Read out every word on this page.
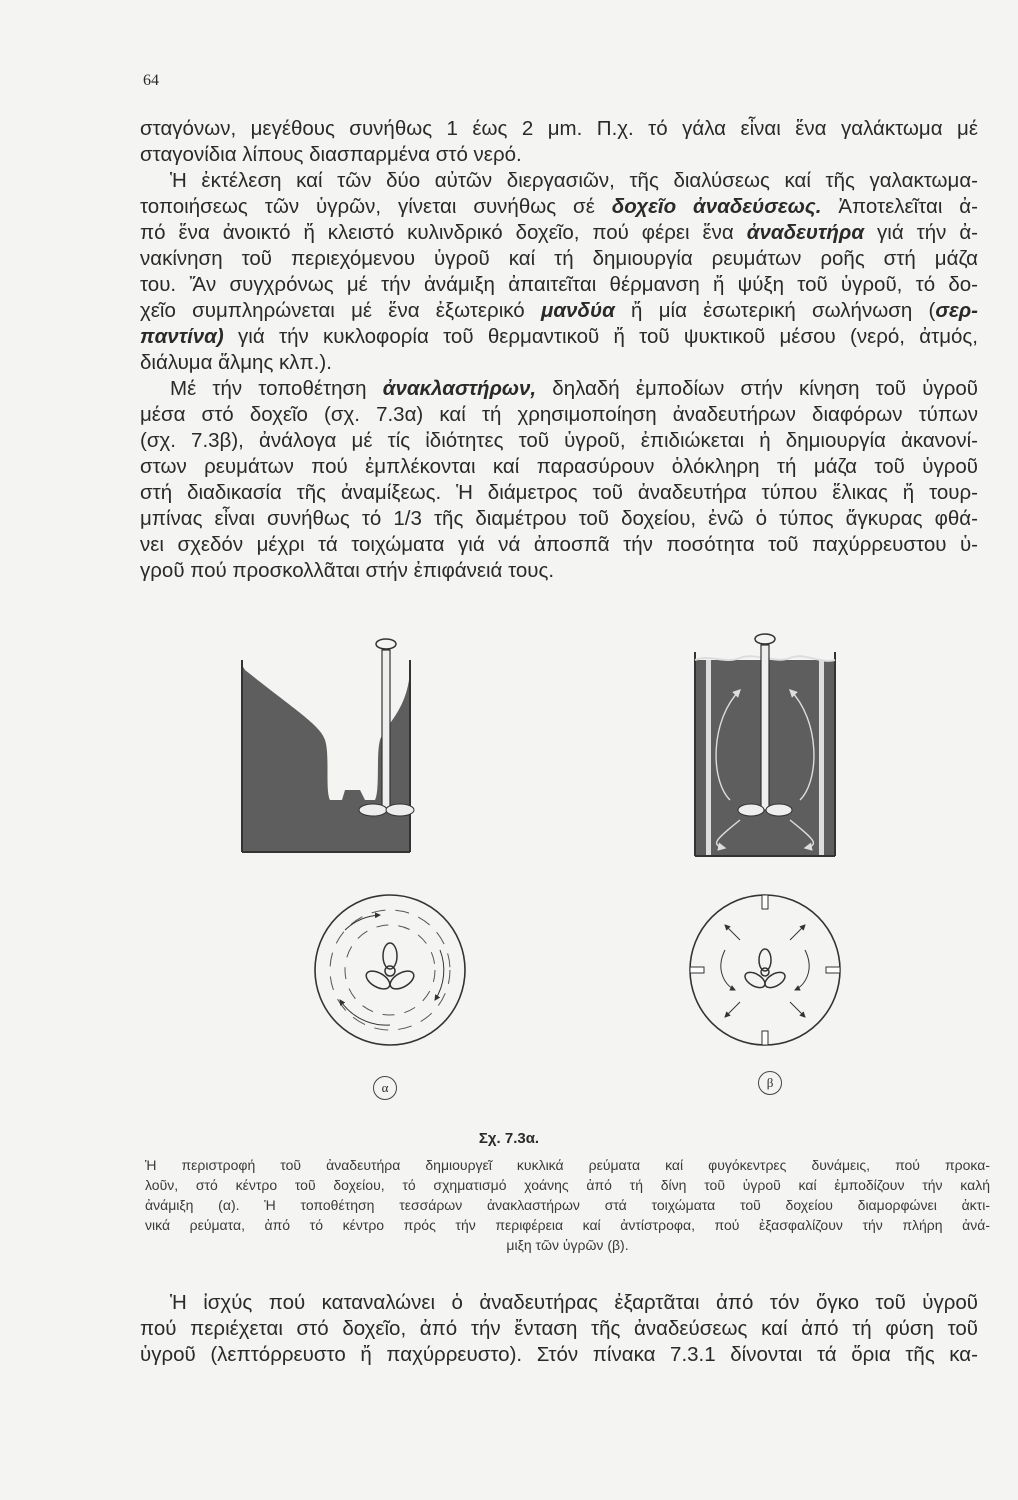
64

σταγόνων, μεγέθους συνήθως 1 έως 2 μm. Π.χ. τό γάλα εἶναι ἕνα γαλάκτωμα μέ

σταγονίδια λίπους διασπαρμένα στό νερό.

Ἡ ἐκτέλεση καί τῶν δύο αὐτῶν διεργασιῶν, τῆς διαλύσεως καί τῆς γαλακτωμα-

τοποιήσεως τῶν ὑγρῶν, γίνεται συνήθως σέ δοχεῖο ἀναδεύσεως. Ἀποτελεῖται ἀ-

πό ἕνα ἀνοικτό ἤ κλειστό κυλινδρικό δοχεῖο, πού φέρει ἕνα ἀναδευτήρα γιά τήν ἀ-

νακίνηση τοῦ περιεχόμενου ὑγροῦ καί τή δημιουργία ρευμάτων ροῆς στή μάζα

του. Ἄν συγχρόνως μέ τήν ἀνάμιξη ἀπαιτεῖται θέρμανση ἤ ψύξη τοῦ ὑγροῦ, τό δο-

χεῖο συμπληρώνεται μέ ἕνα ἐξωτερικό μανδύα ἤ μία ἐσωτερική σωλήνωση (σερ-

παντίνα) γιά τήν κυκλοφορία τοῦ θερμαντικοῦ ἤ τοῦ ψυκτικοῦ μέσου (νερό, ἀτμός,

διάλυμα ἅλμης κλπ.).

Μέ τήν τοποθέτηση ἀνακλαστήρων, δηλαδή ἐμποδίων στήν κίνηση τοῦ ὑγροῦ

μέσα στό δοχεῖο (σχ. 7.3α) καί τή χρησιμοποίηση ἀναδευτήρων διαφόρων τύπων

(σχ. 7.3β), ἀνάλογα μέ τίς ἰδιότητες τοῦ ὑγροῦ, ἐπιδιώκεται ἡ δημιουργία ἀκανονί-

στων ρευμάτων πού ἐμπλέκονται καί παρασύρουν ὁλόκληρη τή μάζα τοῦ ὑγροῦ

στή διαδικασία τῆς ἀναμίξεως. Ἡ διάμετρος τοῦ ἀναδευτήρα τύπου ἕλικας ἤ τουρ-

μπίνας εἶναι συνήθως τό 1/3 τῆς διαμέτρου τοῦ δοχείου, ἐνῶ ὁ τύπος ἄγκυρας φθά-

νει σχεδόν μέχρι τά τοιχώματα γιά νά ἀποσπᾶ τήν ποσότητα τοῦ παχύρρευστου ὑ-

γροῦ πού προσκολλᾶται στήν ἐπιφάνειά τους.

α	β
Σχ. 7.3α.

Ἡ περιστροφή τοῦ ἀναδευτήρα δημιουργεῖ κυκλικά ρεύματα καί φυγόκεντρες δυνάμεις, πού προκα-

λοῦν, στό κέντρο τοῦ δοχείου, τό σχηματισμό χοάνης ἀπό τή δίνη τοῦ ὑγροῦ καί ἐμποδίζουν τήν καλή

ἀνάμιξη (α). Ἡ τοποθέτηση τεσσάρων ἀνακλαστήρων στά τοιχώματα τοῦ δοχείου διαμορφώνει ἀκτι-

νικά ρεύματα, ἀπό τό κέντρο πρός τήν περιφέρεια καί ἀντίστροφα, πού ἐξασφαλίζουν τήν πλήρη ἀνά-

μιξη τῶν ὑγρῶν (β).

Ἡ ἰσχύς πού καταναλώνει ὁ ἀναδευτήρας ἐξαρτᾶται ἀπό τόν ὄγκο τοῦ ὑγροῦ

πού περιέχεται στό δοχεῖο, ἀπό τήν ἔνταση τῆς ἀναδεύσεως καί ἀπό τή φύση τοῦ

ὑγροῦ (λεπτόρρευστο ἤ παχύρρευστο). Στόν πίνακα 7.3.1 δίνονται τά ὅρια τῆς κα-
